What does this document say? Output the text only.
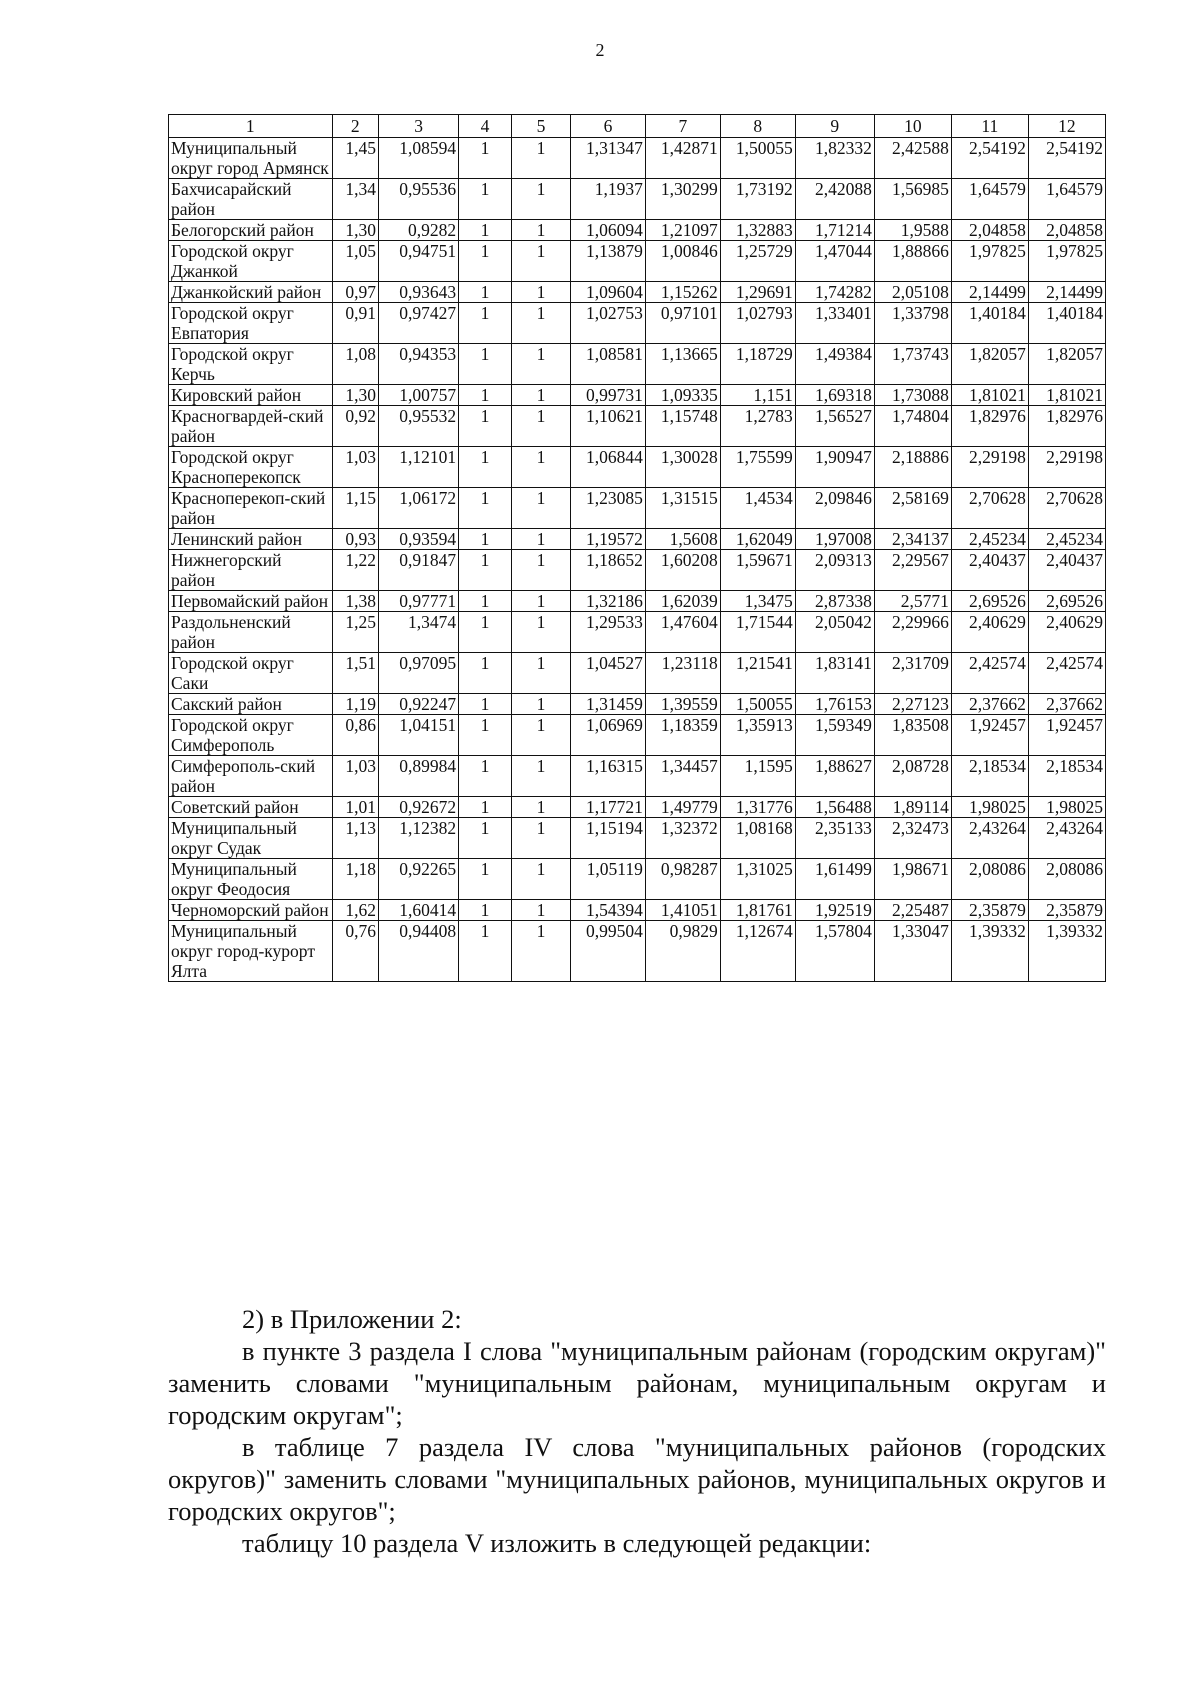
2
1	2	3	4	5	6	7	8	9	10	11	12
Муниципальный округ город Армянск	1,45	1,08594	1	1	1,31347	1,42871	1,50055	1,82332	2,42588	2,54192	2,54192
Бахчисарайский район	1,34	0,95536	1	1	1,1937	1,30299	1,73192	2,42088	1,56985	1,64579	1,64579
Белогорский район	1,30	0,9282	1	1	1,06094	1,21097	1,32883	1,71214	1,9588	2,04858	2,04858
Городской округ Джанкой	1,05	0,94751	1	1	1,13879	1,00846	1,25729	1,47044	1,88866	1,97825	1,97825
Джанкойский район	0,97	0,93643	1	1	1,09604	1,15262	1,29691	1,74282	2,05108	2,14499	2,14499
Городской округ Евпатория	0,91	0,97427	1	1	1,02753	0,97101	1,02793	1,33401	1,33798	1,40184	1,40184
Городской округ Керчь	1,08	0,94353	1	1	1,08581	1,13665	1,18729	1,49384	1,73743	1,82057	1,82057
Кировский район	1,30	1,00757	1	1	0,99731	1,09335	1,151	1,69318	1,73088	1,81021	1,81021
Красногвардей-ский район	0,92	0,95532	1	1	1,10621	1,15748	1,2783	1,56527	1,74804	1,82976	1,82976
Городской округ Красноперекопск	1,03	1,12101	1	1	1,06844	1,30028	1,75599	1,90947	2,18886	2,29198	2,29198
Красноперекоп-ский район	1,15	1,06172	1	1	1,23085	1,31515	1,4534	2,09846	2,58169	2,70628	2,70628
Ленинский район	0,93	0,93594	1	1	1,19572	1,5608	1,62049	1,97008	2,34137	2,45234	2,45234
Нижнегорский район	1,22	0,91847	1	1	1,18652	1,60208	1,59671	2,09313	2,29567	2,40437	2,40437
Первомайский район	1,38	0,97771	1	1	1,32186	1,62039	1,3475	2,87338	2,5771	2,69526	2,69526
Раздольненский район	1,25	1,3474	1	1	1,29533	1,47604	1,71544	2,05042	2,29966	2,40629	2,40629
Городской округ Саки	1,51	0,97095	1	1	1,04527	1,23118	1,21541	1,83141	2,31709	2,42574	2,42574
Сакский район	1,19	0,92247	1	1	1,31459	1,39559	1,50055	1,76153	2,27123	2,37662	2,37662
Городской округ Симферополь	0,86	1,04151	1	1	1,06969	1,18359	1,35913	1,59349	1,83508	1,92457	1,92457
Симферополь-ский район	1,03	0,89984	1	1	1,16315	1,34457	1,1595	1,88627	2,08728	2,18534	2,18534
Советский район	1,01	0,92672	1	1	1,17721	1,49779	1,31776	1,56488	1,89114	1,98025	1,98025
Муниципальный округ Судак	1,13	1,12382	1	1	1,15194	1,32372	1,08168	2,35133	2,32473	2,43264	2,43264
Муниципальный округ Феодосия	1,18	0,92265	1	1	1,05119	0,98287	1,31025	1,61499	1,98671	2,08086	2,08086
Черноморский район	1,62	1,60414	1	1	1,54394	1,41051	1,81761	1,92519	2,25487	2,35879	2,35879
Муниципальный округ город-курорт Ялта	0,76	0,94408	1	1	0,99504	0,9829	1,12674	1,57804	1,33047	1,39332	1,39332

2) в Приложении 2:

в пункте 3 раздела I слова "муниципальным районам (городским округам)" заменить словами "муниципальным районам, муниципальным округам и городским округам";

в таблице 7 раздела IV слова "муниципальных районов (городских округов)" заменить словами "муниципальных районов, муниципальных округов и городских округов";

таблицу 10 раздела V изложить в следующей редакции:
